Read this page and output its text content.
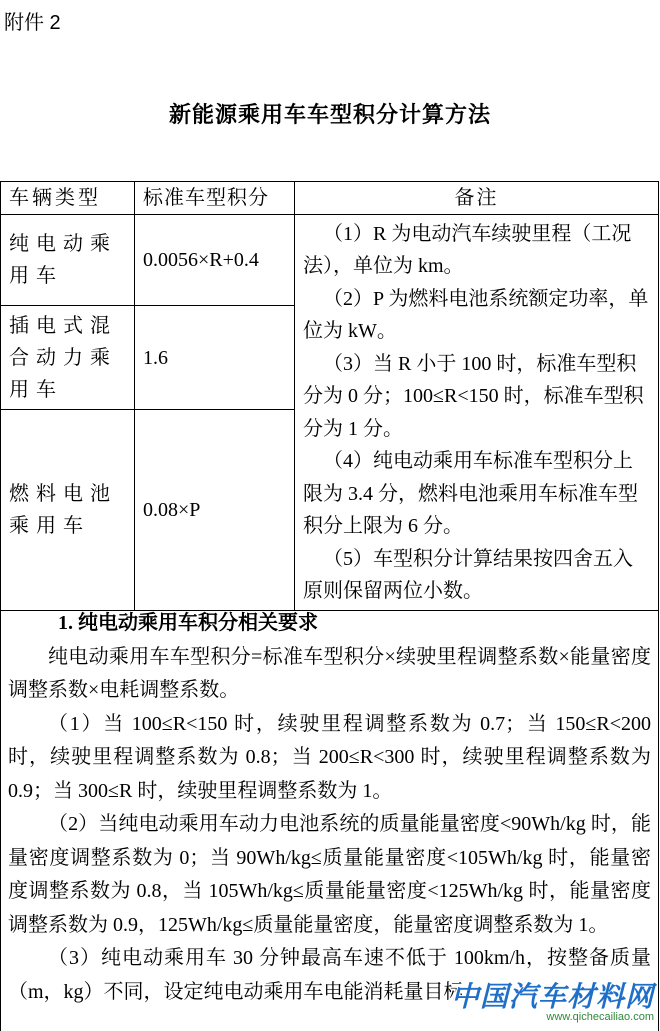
附件 2
新能源乘用车车型积分计算方法
车辆类型	标准车型积分	备注
纯电动乘用车	0.0056×R+0.4	（1）R 为电动汽车续驶里程（工况法），单位为 km。

（2）P 为燃料电池系统额定功率，单位为 kW。

（3）当 R 小于 100 时，标准车型积分为 0 分；100≤R<150 时，标准车型积分为 1 分。

（4）纯电动乘用车标准车型积分上限为 3.4 分，燃料电池乘用车标准车型积分上限为 6 分。

（5）车型积分计算结果按四舍五入原则保留两位小数。

插电式混合动力乘用车	1.6	
燃料电池乘用车	0.08×P	

1. 纯电动乘用车积分相关要求

纯电动乘用车车型积分=标准车型积分×续驶里程调整系数×能量密度调整系数×电耗调整系数。

（1）当 100≤R<150 时，续驶里程调整系数为 0.7；当 150≤R<200 时，续驶里程调整系数为 0.8；当 200≤R<300 时，续驶里程调整系数为 0.9；当 300≤R 时，续驶里程调整系数为 1。

（2）当纯电动乘用车动力电池系统的质量能量密度<90Wh/kg 时，能量密度调整系数为 0；当 90Wh/kg≤质量能量密度<105Wh/kg 时，能量密度调整系数为 0.8，当 105Wh/kg≤质量能量密度<125Wh/kg 时，能量密度调整系数为 0.9，125Wh/kg≤质量能量密度，能量密度调整系数为 1。

（3）纯电动乘用车 30 分钟最高车速不低于 100km/h，按整备质量（m，kg）不同，设定纯电动乘用车电能消耗量目标

中国汽车材料网
www.qichecailiao.com
